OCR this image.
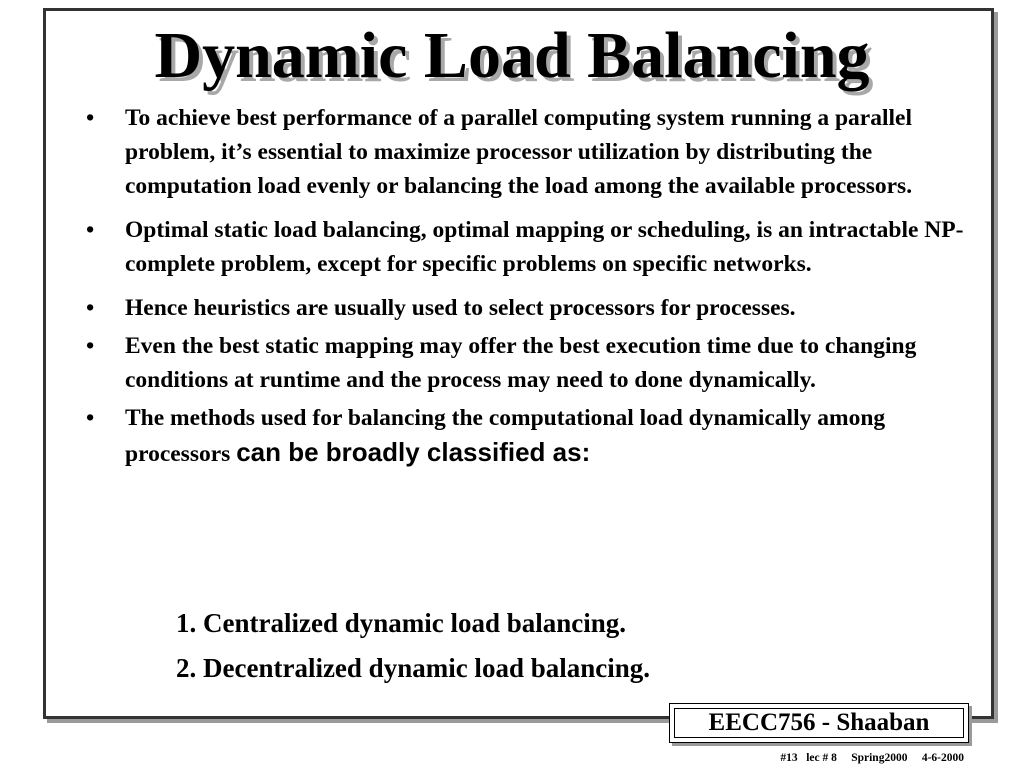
Dynamic Load Balancing
• To achieve best performance of a parallel computing system running a parallel problem, it’s essential to maximize processor utilization by distributing the computation load evenly or balancing the load among the available processors.
• Optimal static load balancing, optimal mapping or scheduling, is an intractable NP-complete problem, except for specific problems on specific networks.
• Hence heuristics are usually used to select processors for processes.
• Even the best static mapping may offer the best execution time due to changing conditions at runtime and the process may need to done dynamically.
• The methods used for balancing the computational load dynamically among processors can be broadly classified as:
1. Centralized dynamic load balancing.
2. Decentralized dynamic load balancing.
EECC756 - Shaaban
#13   lec # 8     Spring2000     4-6-2000
